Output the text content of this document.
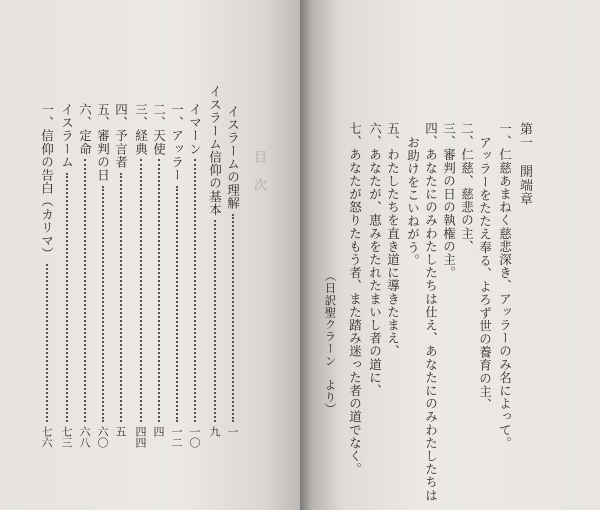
目 次
イスラームの理解
一
イスラーム信仰の基本
九
イマーン
一〇
一、アッラー
一二
二、天使
四
三、経典
四四
四、予言者
五
五、審判の日
六〇
六、定命
六八
イスラーム
七三
一、信仰の告白（カリマ）
七六
第一 開端章
一、仁慈あまねく慈悲深き、アッラーのみ名によって。
アッラーをたたえ奉る、よろず世の養育の主、
二、仁慈、慈悲の主、
三、審判の日の執権の主。
四、あなたにのみわたしたちは仕え、あなたにのみわたしたちは
お助けをこいねがう。
五、わたしたちを直き道に導きたまえ、
六、あなたが、恵みをたれたまいし者の道に、
七、あなたが怒りたもう者、また踏み迷った者の道でなく。
（日訳聖クラーン　より）
